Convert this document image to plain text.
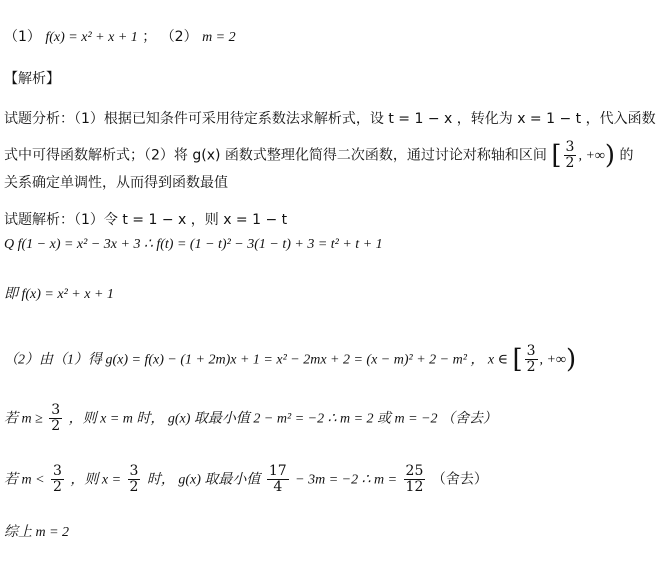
（1） f(x) = x² + x + 1 ； （2） m = 2
【解析】
试题分析：（1）根据已知条件可采用待定系数法求解析式，设 t = 1 − x ，转化为 x = 1 − t ，代入函数
式中可得函数解析式；（2）将 g(x) 函数式整理化简得二次函数，通过讨论对称轴和区间 [ $\frac{3}{2}$ , +∞) 的
关系确定单调性，从而得到函数最值
试题解析：（1）令 t = 1 − x ，则 x = 1 − t
Q f(1 − x) = x² − 3x + 3 ∴ f(t) = (1 − t)² − 3(1 − t) + 3 = t² + t + 1
即 f(x) = x² + x + 1
（2）由（1）得 g(x) = f(x) − (1 + 2m)x + 1 = x² − 2mx + 2 = (x − m)² + 2 − m² ， x ∈ [ $\frac{3}{2}$ , +∞)
若 $m \ge \frac{3}{2}$ ，则 x = m 时， g(x) 取最小值 2 − m² = −2 ∴ m = 2 或 m = −2 （舍去）
若 $m < \frac{3}{2}$ ，则 $x = \frac{3}{2}$ 时， g(x) 取最小值 $\frac{17}{4} - 3m = -2$ ∴ $m = \frac{25}{12}$ （舍去）
综上 m = 2
